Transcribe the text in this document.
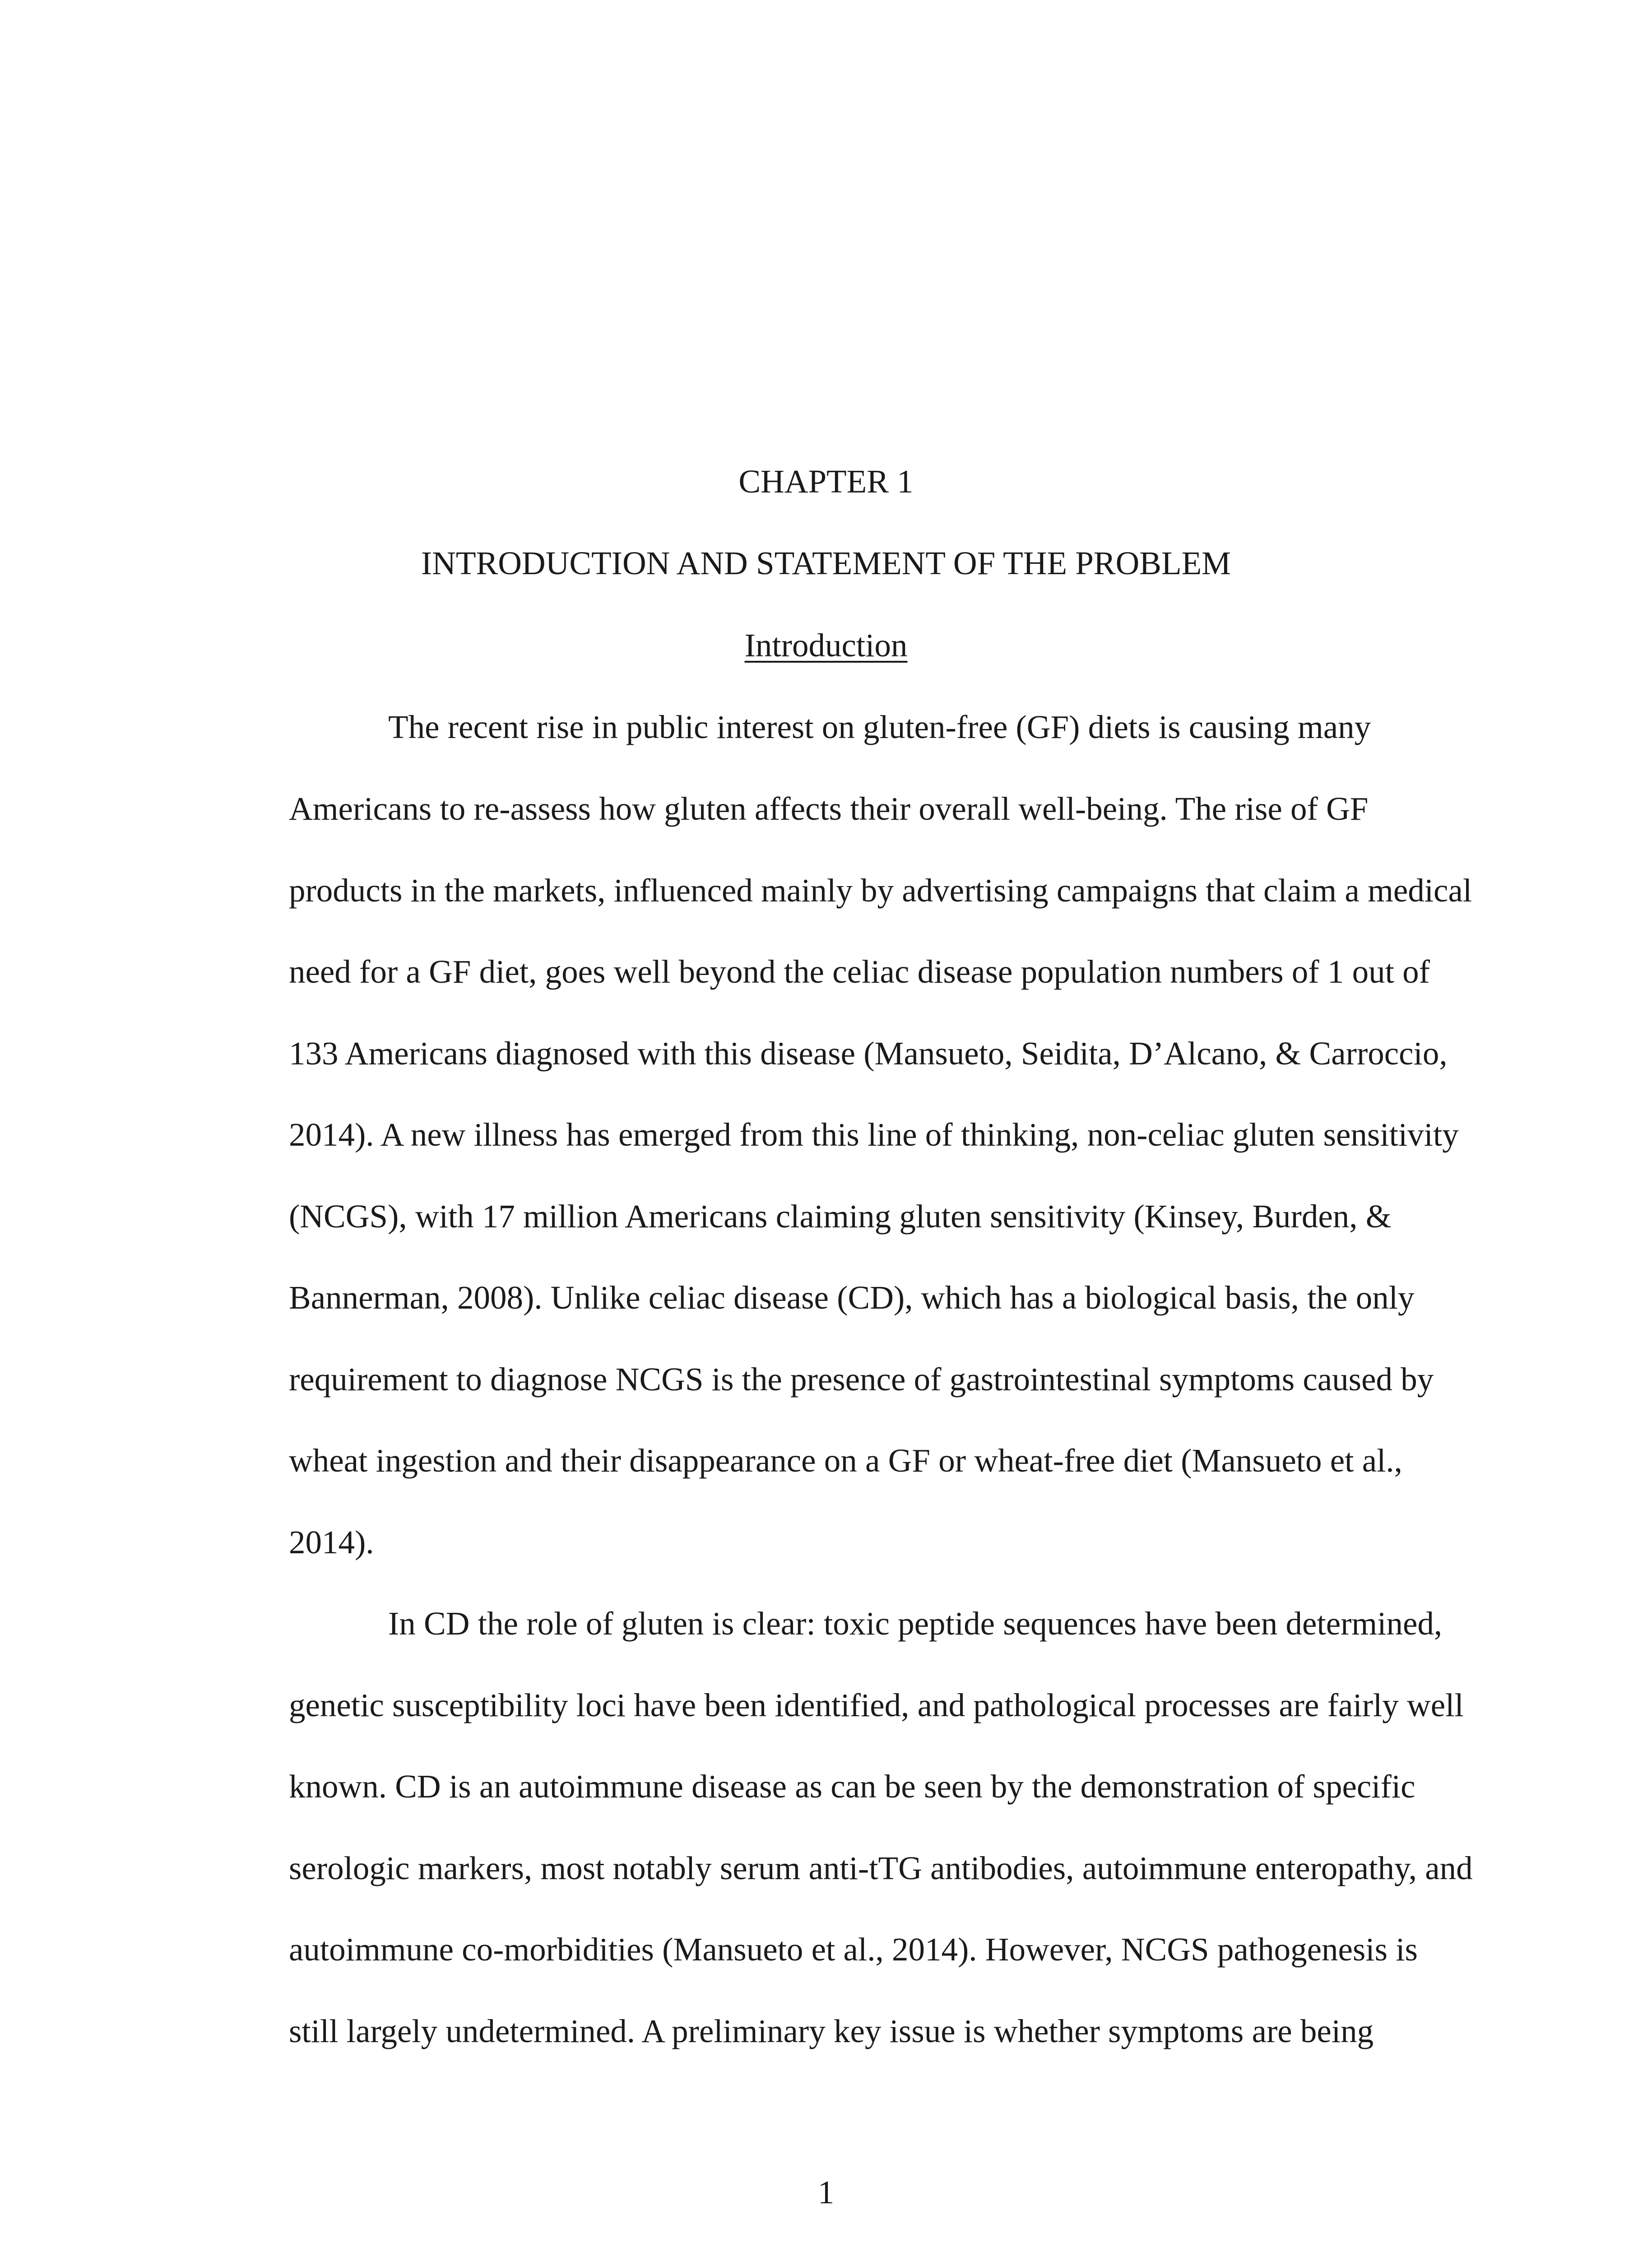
CHAPTER 1
INTRODUCTION AND STATEMENT OF THE PROBLEM
Introduction
The recent rise in public interest on gluten-free (GF) diets is causing many
Americans to re-assess how gluten affects their overall well-being. The rise of GF
products in the markets, influenced mainly by advertising campaigns that claim a medical
need for a GF diet, goes well beyond the celiac disease population numbers of 1 out of
133 Americans diagnosed with this disease (Mansueto, Seidita, D’Alcano, & Carroccio,
2014). A new illness has emerged from this line of thinking, non-celiac gluten sensitivity
(NCGS), with 17 million Americans claiming gluten sensitivity (Kinsey, Burden, &
Bannerman, 2008). Unlike celiac disease (CD), which has a biological basis, the only
requirement to diagnose NCGS is the presence of gastrointestinal symptoms caused by
wheat ingestion and their disappearance on a GF or wheat-free diet (Mansueto et al.,
2014).
In CD the role of gluten is clear: toxic peptide sequences have been determined,
genetic susceptibility loci have been identified, and pathological processes are fairly well
known. CD is an autoimmune disease as can be seen by the demonstration of specific
serologic markers, most notably serum anti-tTG antibodies, autoimmune enteropathy, and
autoimmune co-morbidities (Mansueto et al., 2014). However, NCGS pathogenesis is
still largely undetermined. A preliminary key issue is whether symptoms are being
1
